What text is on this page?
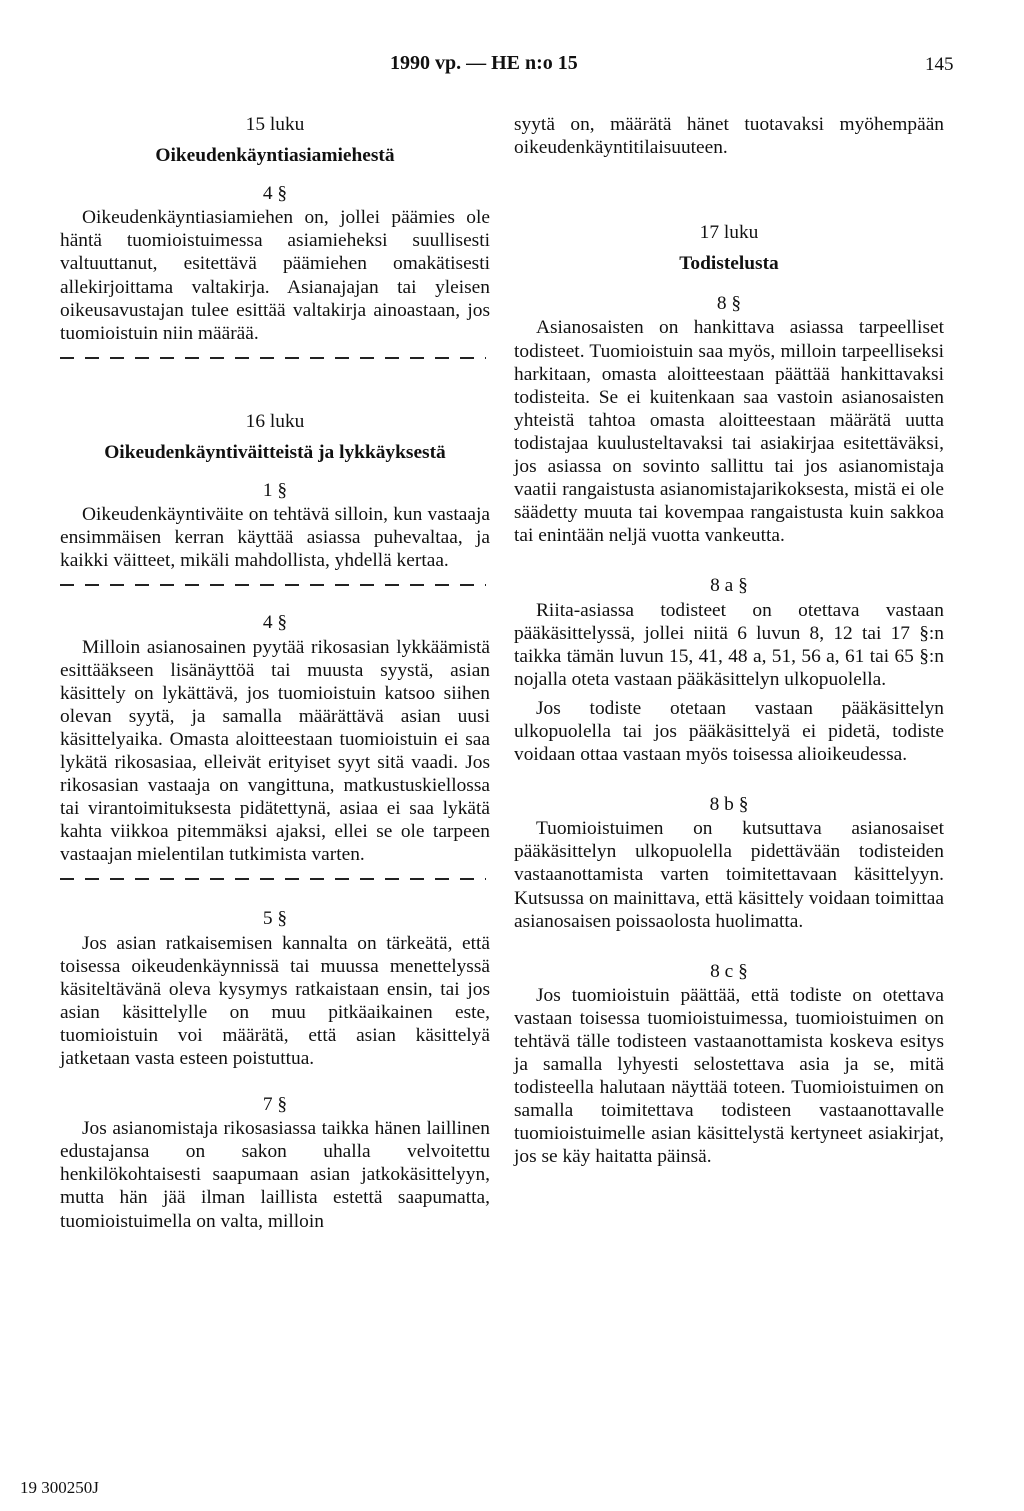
1990 vp. — HE n:o 15	145
15 luku
Oikeudenkäyntiasiamiehestä
4 §

Oikeudenkäyntiasiamiehen on, jollei päämies ole häntä tuomioistuimessa asiamieheksi suullisesti valtuuttanut, esitettävä päämiehen omakätisesti allekirjoittama valtakirja. Asianajajan tai yleisen oikeusavustajan tulee esittää valtakirja ainoastaan, jos tuomioistuin niin määrää.

16 luku
Oikeudenkäyntiväitteistä ja lykkäyksestä
1 §

Oikeudenkäyntiväite on tehtävä silloin, kun vastaaja ensimmäisen kerran käyttää asiassa puhevaltaa, ja kaikki väitteet, mikäli mahdollista, yhdellä kertaa.

4 §

Milloin asianosainen pyytää rikosasian lykkäämistä esittääkseen lisänäyttöä tai muusta syystä, asian käsittely on lykättävä, jos tuomioistuin katsoo siihen olevan syytä, ja samalla määrättävä asian uusi käsittelyaika. Omasta aloitteestaan tuomioistuin ei saa lykätä rikosasiaa, elleivät erityiset syyt sitä vaadi. Jos rikosasian vastaaja on vangittuna, matkustuskiellossa tai virantoimituksesta pidätettynä, asiaa ei saa lykätä kahta viikkoa pitemmäksi ajaksi, ellei se ole tarpeen vastaajan mielentilan tutkimista varten.

5 §

Jos asian ratkaisemisen kannalta on tärkeätä, että toisessa oikeudenkäynnissä tai muussa menettelyssä käsiteltävänä oleva kysymys ratkaistaan ensin, tai jos asian käsittelylle on muu pitkäaikainen este, tuomioistuin voi määrätä, että asian käsittelyä jatketaan vasta esteen poistuttua.

7 §

Jos asianomistaja rikosasiassa taikka hänen laillinen edustajansa on sakon uhalla velvoitettu henkilökohtaisesti saapumaan asian jatkokäsittelyyn, mutta hän jää ilman laillista estettä saapumatta, tuomioistuimella on valta, milloin

syytä on, määrätä hänet tuotavaksi myöhempään oikeudenkäyntitilaisuuteen.

17 luku
Todistelusta
8 §

Asianosaisten on hankittava asiassa tarpeelliset todisteet. Tuomioistuin saa myös, milloin tarpeelliseksi harkitaan, omasta aloitteestaan päättää hankittavaksi todisteita. Se ei kuitenkaan saa vastoin asianosaisten yhteistä tahtoa omasta aloitteestaan määrätä uutta todistajaa kuulusteltavaksi tai asiakirjaa esitettäväksi, jos asiassa on sovinto sallittu tai jos asianomistaja vaatii rangaistusta asianomistajarikoksesta, mistä ei ole säädetty muuta tai kovempaa rangaistusta kuin sakkoa tai enintään neljä vuotta vankeutta.

8 a §

Riita-asiassa todisteet on otettava vastaan pääkäsittelyssä, jollei niitä 6 luvun 8, 12 tai 17 §:n taikka tämän luvun 15, 41, 48 a, 51, 56 a, 61 tai 65 §:n nojalla oteta vastaan pääkäsittelyn ulkopuolella.

Jos todiste otetaan vastaan pääkäsittelyn ulkopuolella tai jos pääkäsittelyä ei pidetä, todiste voidaan ottaa vastaan myös toisessa alioikeudessa.

8 b §

Tuomioistuimen on kutsuttava asianosaiset pääkäsittelyn ulkopuolella pidettävään todisteiden vastaanottamista varten toimitettavaan käsittelyyn. Kutsussa on mainittava, että käsittely voidaan toimittaa asianosaisen poissaolosta huolimatta.

8 c §

Jos tuomioistuin päättää, että todiste on otettava vastaan toisessa tuomioistuimessa, tuomioistuimen on tehtävä tälle todisteen vastaanottamista koskeva esitys ja samalla lyhyesti selostettava asia ja se, mitä todisteella halutaan näyttää toteen. Tuomioistuimen on samalla toimitettava todisteen vastaanottavalle tuomioistuimelle asian käsittelystä kertyneet asiakirjat, jos se käy haitatta päinsä.

19 300250J
